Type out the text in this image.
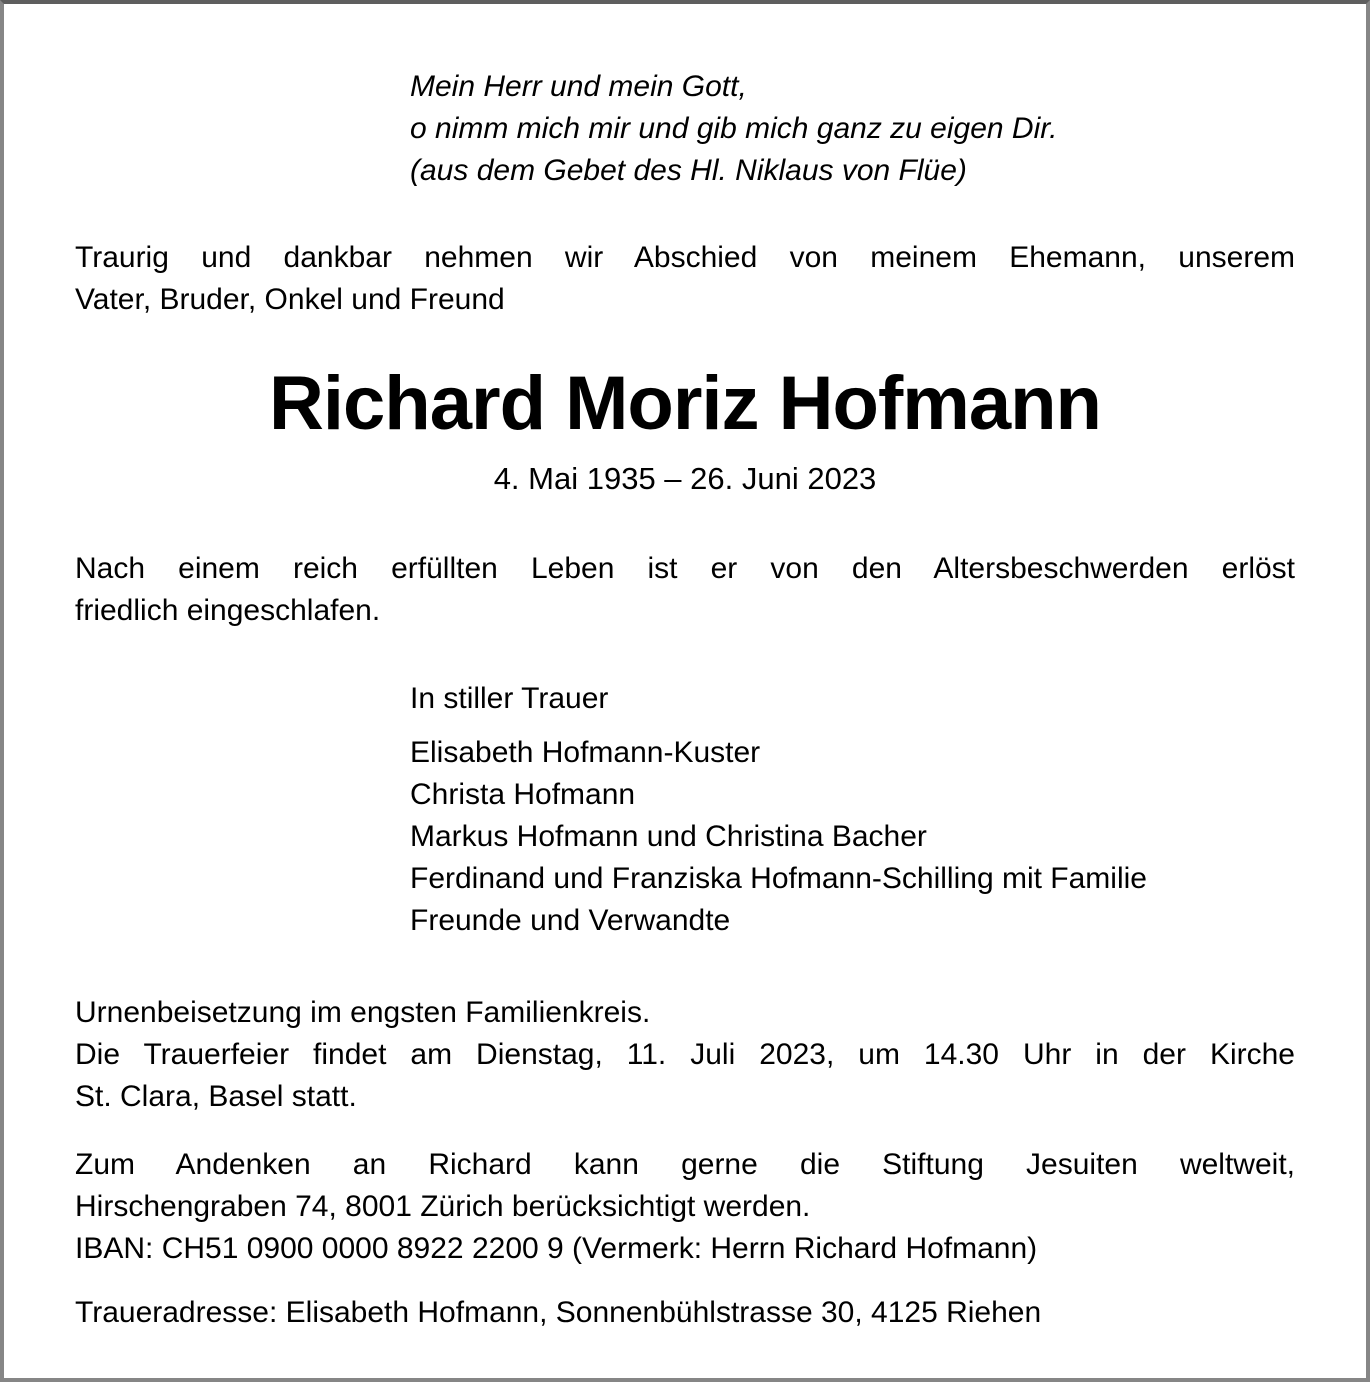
Mein Herr und mein Gott,
o nimm mich mir und gib mich ganz zu eigen Dir.
(aus dem Gebet des Hl. Niklaus von Flüe)
Traurig und dankbar nehmen wir Abschied von meinem Ehemann, unserem
Vater, Bruder, Onkel und Freund
Richard Moriz Hofmann
4. Mai 1935 – 26. Juni 2023
Nach einem reich erfüllten Leben ist er von den Altersbeschwerden erlöst
friedlich eingeschlafen.
In stiller Trauer
Elisabeth Hofmann-Kuster
Christa Hofmann
Markus Hofmann und Christina Bacher
Ferdinand und Franziska Hofmann-Schilling mit Familie
Freunde und Verwandte
Urnenbeisetzung im engsten Familienkreis.
Die Trauerfeier findet am Dienstag, 11. Juli 2023, um 14.30 Uhr in der Kirche
St. Clara, Basel statt.
Zum Andenken an Richard kann gerne die Stiftung Jesuiten weltweit,
Hirschengraben 74, 8001 Zürich berücksichtigt werden.
IBAN: CH51 0900 0000 8922 2200 9 (Vermerk: Herrn Richard Hofmann)
Traueradresse: Elisabeth Hofmann, Sonnenbühlstrasse 30, 4125 Riehen
